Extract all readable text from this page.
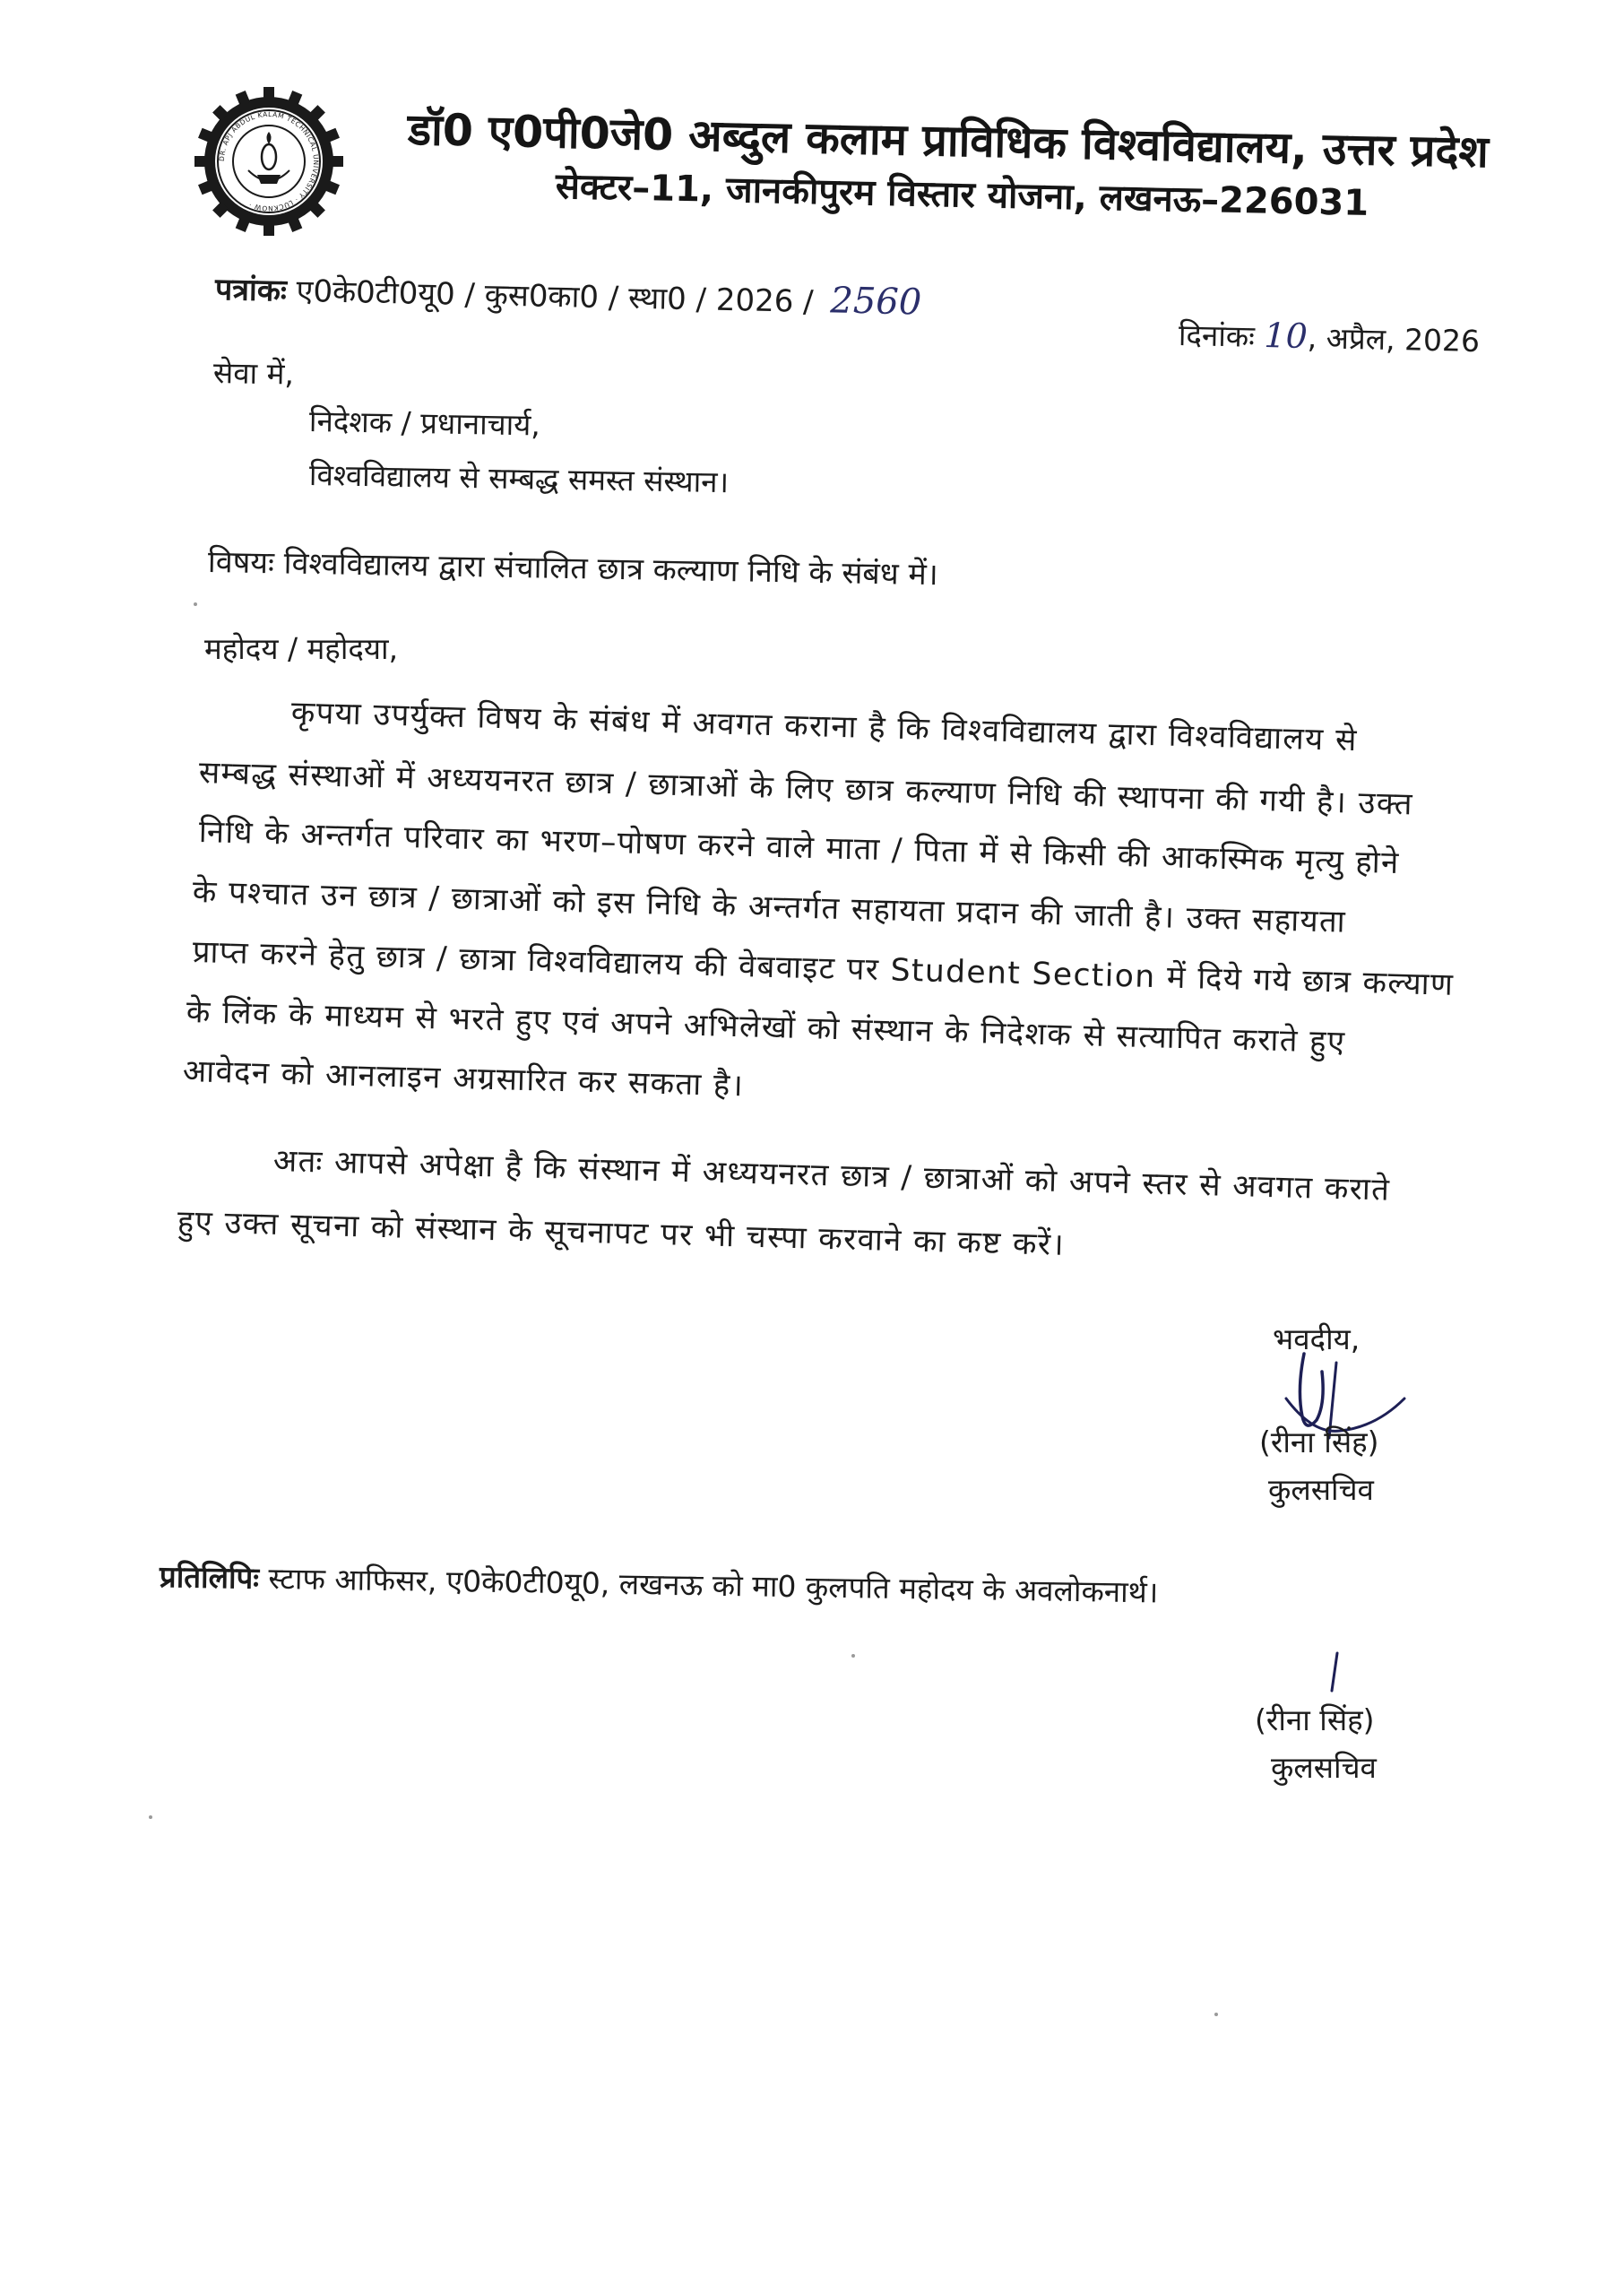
DR. APJ ABDUL KALAM TECHNICAL UNIVERSITY · LUCKNOW ·
डॉ0 ए0पी0जे0 अब्दुल कलाम प्राविधिक विश्वविद्यालय, उत्तर प्रदेश
सेक्टर–11, जानकीपुरम विस्तार योजना, लखनऊ–226031
पत्रांकः ए0के0टी0यू0 / कुस0का0 / स्था0 / 2026 / 2560
दिनांकः 10, अप्रैल, 2026
सेवा में,
निदेशक / प्रधानाचार्य,
विश्वविद्यालय से सम्बद्ध समस्त संस्थान।
विषयः विश्वविद्यालय द्वारा संचालित छात्र कल्याण निधि के संबंध में।
महोदय / महोदया,
कृपया उपर्युक्त विषय के संबंध में अवगत कराना है कि विश्वविद्यालय द्वारा विश्वविद्यालय से
सम्बद्ध संस्थाओं में अध्ययनरत छात्र / छात्राओं के लिए छात्र कल्याण निधि की स्थापना की गयी है। उक्त
निधि के अन्तर्गत परिवार का भरण–पोषण करने वाले माता / पिता में से किसी की आकस्मिक मृत्यु होने
के पश्चात उन छात्र / छात्राओं को इस निधि के अन्तर्गत सहायता प्रदान की जाती है। उक्त सहायता
प्राप्त करने हेतु छात्र / छात्रा विश्वविद्यालय की वेबवाइट पर Student Section में दिये गये छात्र कल्याण
के लिंक के माध्यम से भरते हुए एवं अपने अभिलेखों को संस्थान के निदेशक से सत्यापित कराते हुए
आवेदन को आनलाइन अग्रसारित कर सकता है।
अतः आपसे अपेक्षा है कि संस्थान में अध्ययनरत छात्र / छात्राओं को अपने स्तर से अवगत कराते
हुए उक्त सूचना को संस्थान के सूचनापट पर भी चस्पा करवाने का कष्ट करें।
भवदीय,
(रीना सिंह)
कुलसचिव
प्रतिलिपिः स्टाफ आफिसर, ए0के0टी0यू0, लखनऊ को मा0 कुलपति महोदय के अवलोकनार्थ।
(रीना सिंह)
कुलसचिव
